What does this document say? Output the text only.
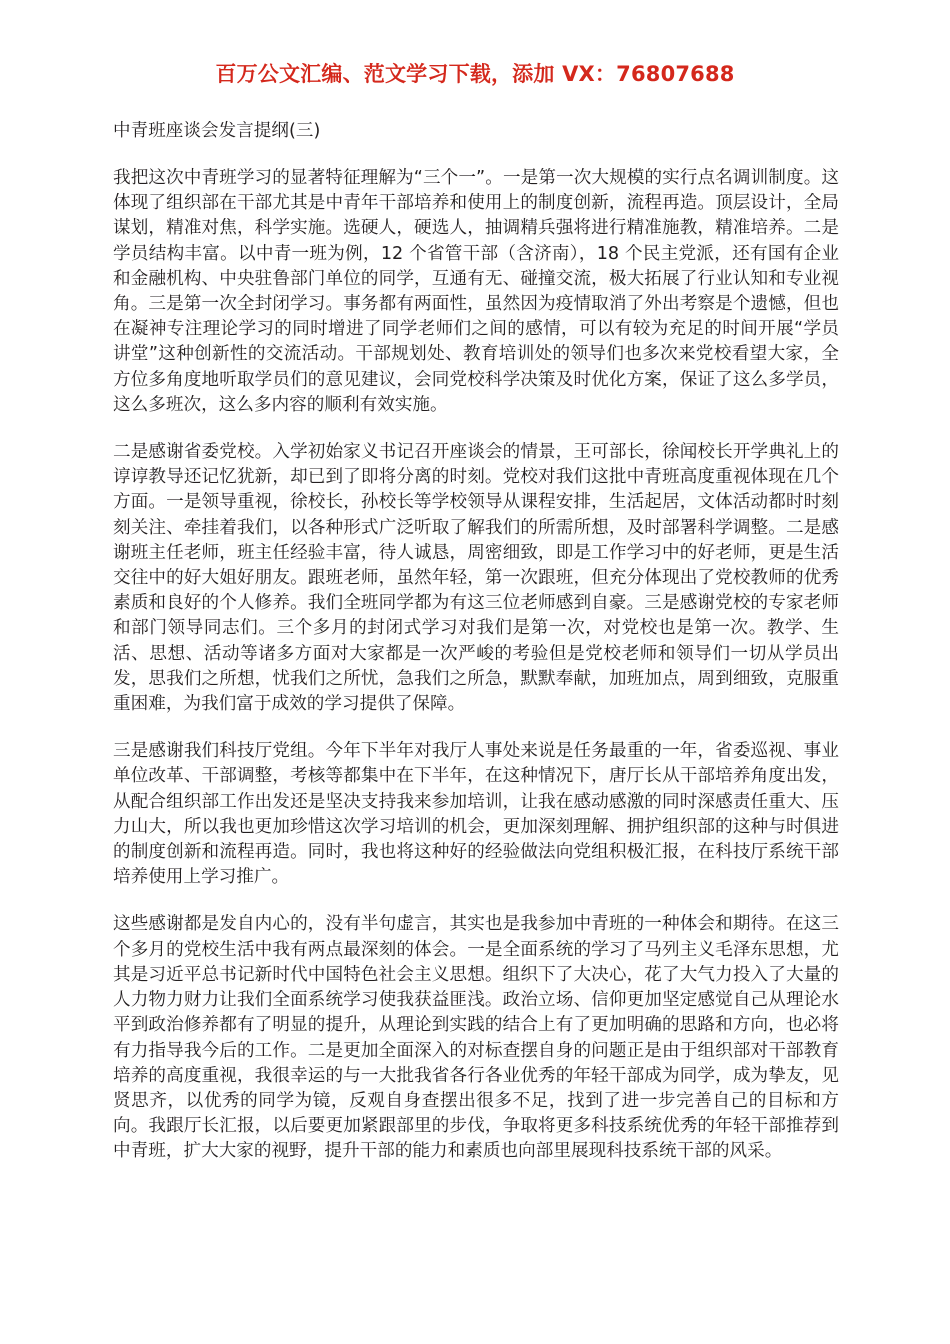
百万公文汇编、范文学习下载，添加 VX：76807688
中青班座谈会发言提纲(三)

我把这次中青班学习的显著特征理解为“三个一”。一是第一次大规模的实行点名调训制度。这体现了组织部在干部尤其是中青年干部培养和使用上的制度创新，流程再造。顶层设计，全局谋划，精准对焦，科学实施。选硬人，硬选人，抽调精兵强将进行精准施教，精准培养。二是学员结构丰富。以中青一班为例，12 个省管干部（含济南），18 个民主党派，还有国有企业和金融机构、中央驻鲁部门单位的同学，互通有无、碰撞交流，极大拓展了行业认知和专业视角。三是第一次全封闭学习。事务都有两面性，虽然因为疫情取消了外出考察是个遗憾，但也在凝神专注理论学习的同时增进了同学老师们之间的感情，可以有较为充足的时间开展“学员讲堂”这种创新性的交流活动。干部规划处、教育培训处的领导们也多次来党校看望大家，全方位多角度地听取学员们的意见建议，会同党校科学决策及时优化方案，保证了这么多学员，这么多班次，这么多内容的顺利有效实施。

二是感谢省委党校。入学初始家义书记召开座谈会的情景，王可部长，徐闻校长开学典礼上的谆谆教导还记忆犹新，却已到了即将分离的时刻。党校对我们这批中青班高度重视体现在几个方面。一是领导重视，徐校长，孙校长等学校领导从课程安排，生活起居，文体活动都时时刻刻关注、牵挂着我们，以各种形式广泛听取了解我们的所需所想，及时部署科学调整。二是感谢班主任老师，班主任经验丰富，待人诚恳，周密细致，即是工作学习中的好老师，更是生活交往中的好大姐好朋友。跟班老师，虽然年轻，第一次跟班，但充分体现出了党校教师的优秀素质和良好的个人修养。我们全班同学都为有这三位老师感到自豪。三是感谢党校的专家老师和部门领导同志们。三个多月的封闭式学习对我们是第一次，对党校也是第一次。教学、生活、思想、活动等诸多方面对大家都是一次严峻的考验但是党校老师和领导们一切从学员出发，思我们之所想，忧我们之所忧，急我们之所急，默默奉献，加班加点，周到细致，克服重重困难，为我们富于成效的学习提供了保障。

三是感谢我们科技厅党组。今年下半年对我厅人事处来说是任务最重的一年，省委巡视、事业单位改革、干部调整，考核等都集中在下半年，在这种情况下，唐厅长从干部培养角度出发，从配合组织部工作出发还是坚决支持我来参加培训，让我在感动感激的同时深感责任重大、压力山大，所以我也更加珍惜这次学习培训的机会，更加深刻理解、拥护组织部的这种与时俱进的制度创新和流程再造。同时，我也将这种好的经验做法向党组积极汇报，在科技厅系统干部培养使用上学习推广。

这些感谢都是发自内心的，没有半句虚言，其实也是我参加中青班的一种体会和期待。在这三个多月的党校生活中我有两点最深刻的体会。一是全面系统的学习了马列主义毛泽东思想，尤其是习近平总书记新时代中国特色社会主义思想。组织下了大决心，花了大气力投入了大量的人力物力财力让我们全面系统学习使我获益匪浅。政治立场、信仰更加坚定感觉自己从理论水平到政治修养都有了明显的提升，从理论到实践的结合上有了更加明确的思路和方向，也必将有力指导我今后的工作。二是更加全面深入的对标查摆自身的问题正是由于组织部对干部教育培养的高度重视，我很幸运的与一大批我省各行各业优秀的年轻干部成为同学，成为挚友，见贤思齐，以优秀的同学为镜，反观自身查摆出很多不足，找到了进一步完善自己的目标和方向。我跟厅长汇报，以后要更加紧跟部里的步伐，争取将更多科技系统优秀的年轻干部推荐到中青班，扩大大家的视野，提升干部的能力和素质也向部里展现科技系统干部的风采。
